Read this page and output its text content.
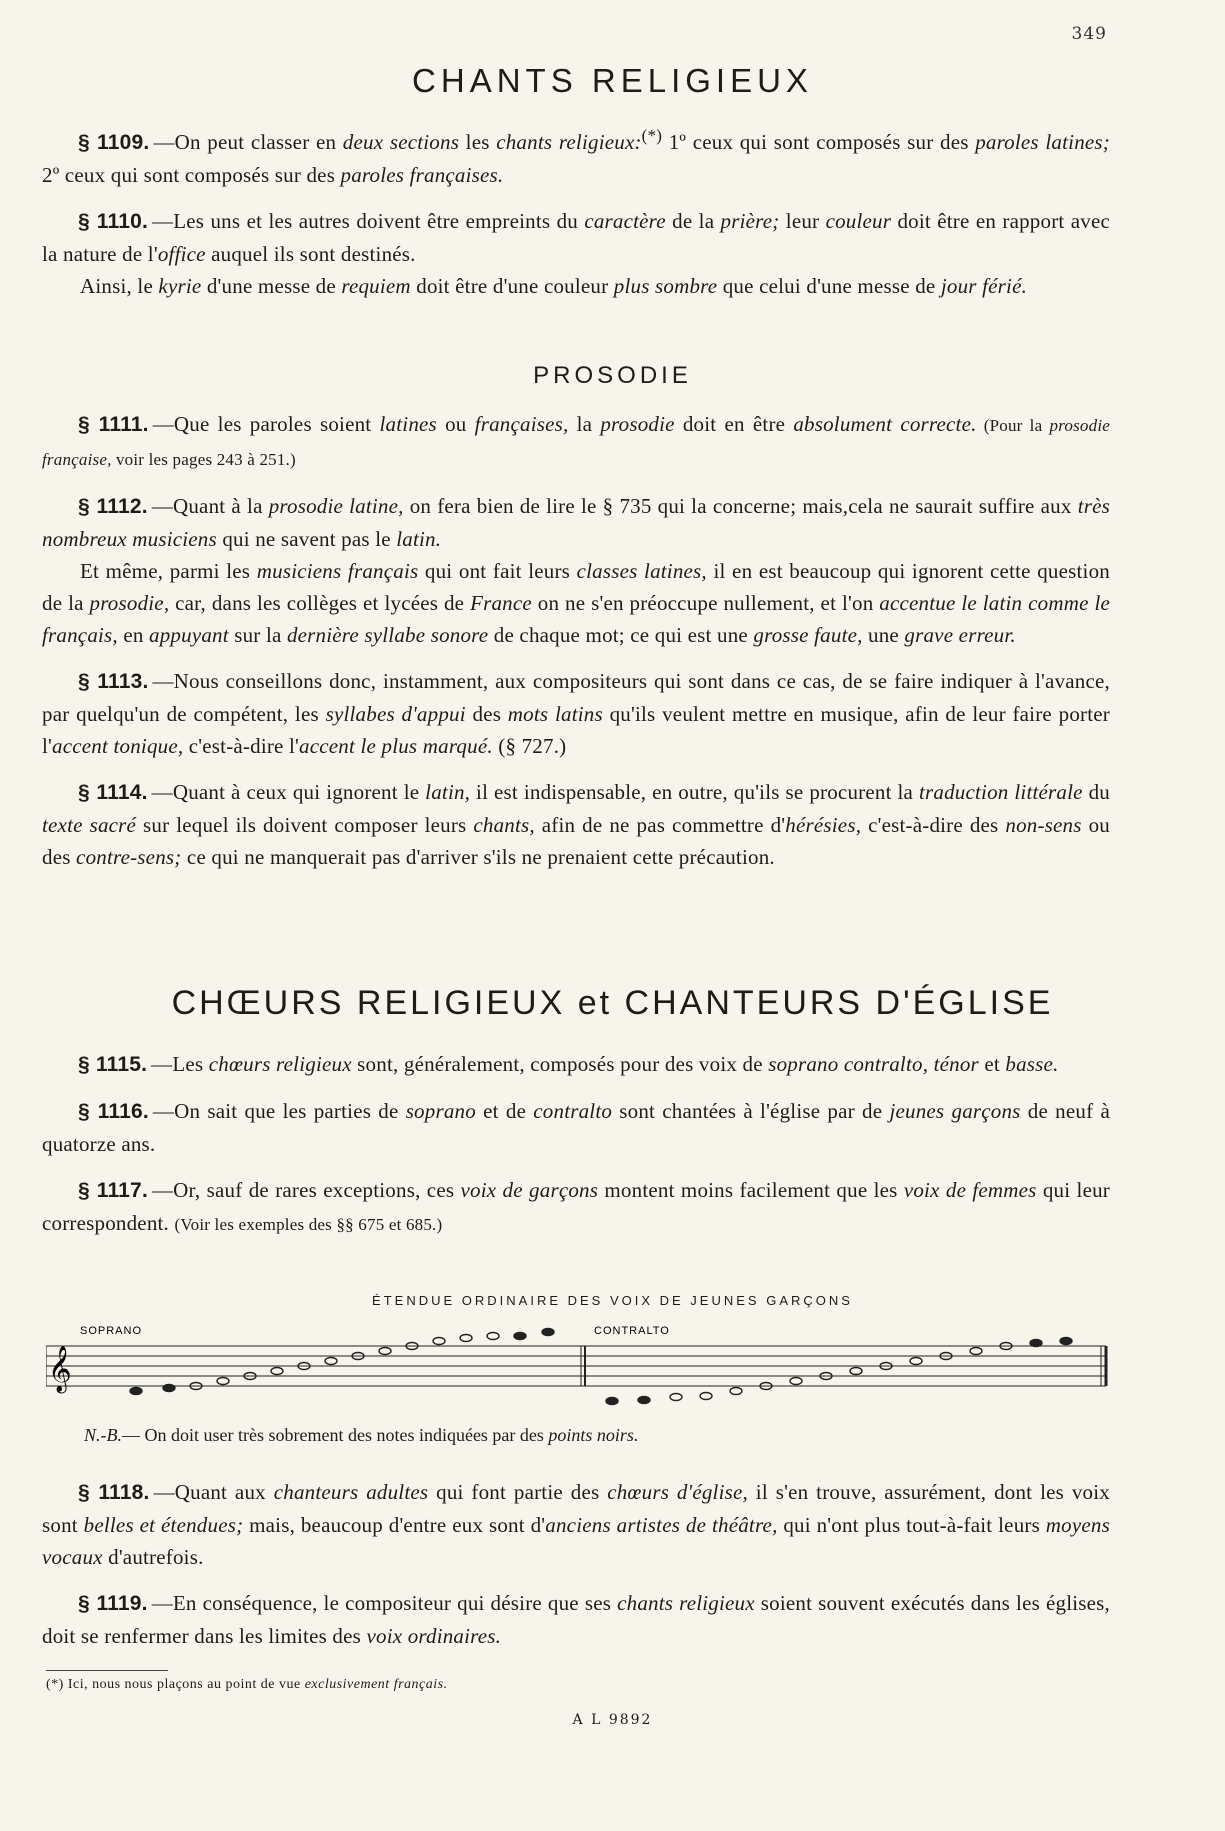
349
CHANTS RELIGIEUX

§ 1109. —On peut classer en deux sections les chants religieux:(*) 1º ceux qui sont composés sur des paroles latines; 2º ceux qui sont composés sur des paroles françaises.

§ 1110. —Les uns et les autres doivent être empreints du caractère de la prière; leur couleur doit être en rapport avec la nature de l'office auquel ils sont destinés.

Ainsi, le kyrie d'une messe de requiem doit être d'une couleur plus sombre que celui d'une messe de jour férié.

PROSODIE

§ 1111. —Que les paroles soient latines ou françaises, la prosodie doit en être absolument correcte. (Pour la prosodie française, voir les pages 243 à 251.)

§ 1112. —Quant à la prosodie latine, on fera bien de lire le § 735 qui la concerne; mais,cela ne saurait suffire aux très nombreux musiciens qui ne savent pas le latin.

Et même, parmi les musiciens français qui ont fait leurs classes latines, il en est beaucoup qui ignorent cette question de la prosodie, car, dans les collèges et lycées de France on ne s'en préoccupe nullement, et l'on accentue le latin comme le français, en appuyant sur la dernière syllabe sonore de chaque mot; ce qui est une grosse faute, une grave erreur.

§ 1113. —Nous conseillons donc, instamment, aux compositeurs qui sont dans ce cas, de se faire indiquer à l'avance, par quelqu'un de compétent, les syllabes d'appui des mots latins qu'ils veulent mettre en musique, afin de leur faire porter l'accent tonique, c'est-à-dire l'accent le plus marqué. (§ 727.)

§ 1114. —Quant à ceux qui ignorent le latin, il est indispensable, en outre, qu'ils se procurent la traduction littérale du texte sacré sur lequel ils doivent composer leurs chants, afin de ne pas commettre d'hérésies, c'est-à-dire des non-sens ou des contre-sens; ce qui ne manquerait pas d'arriver s'ils ne prenaient cette précaution.

CHŒURS RELIGIEUX et CHANTEURS D'ÉGLISE

§ 1115. —Les chœurs religieux sont, généralement, composés pour des voix de soprano contralto, ténor et basse.

§ 1116. —On sait que les parties de soprano et de contralto sont chantées à l'église par de jeunes garçons de neuf à quatorze ans.

§ 1117. —Or, sauf de rares exceptions, ces voix de garçons montent moins facilement que les voix de femmes qui leur correspondent. (Voir les exemples des §§ 675 et 685.)

ÉTENDUE ORDINAIRE DES VOIX DE JEUNES GARÇONS
SOPRANO	CONTRALTO
𝄞
N.-B.— On doit user très sobrement des notes indiquées par des points noirs.

§ 1118. —Quant aux chanteurs adultes qui font partie des chœurs d'église, il s'en trouve, assurément, dont les voix sont belles et étendues; mais, beaucoup d'entre eux sont d'anciens artistes de théâtre, qui n'ont plus tout-à-fait leurs moyens vocaux d'autrefois.

§ 1119. —En conséquence, le compositeur qui désire que ses chants religieux soient souvent exécutés dans les églises, doit se renfermer dans les limites des voix ordinaires.

(*) Ici, nous nous plaçons au point de vue exclusivement français.
A L 9892
